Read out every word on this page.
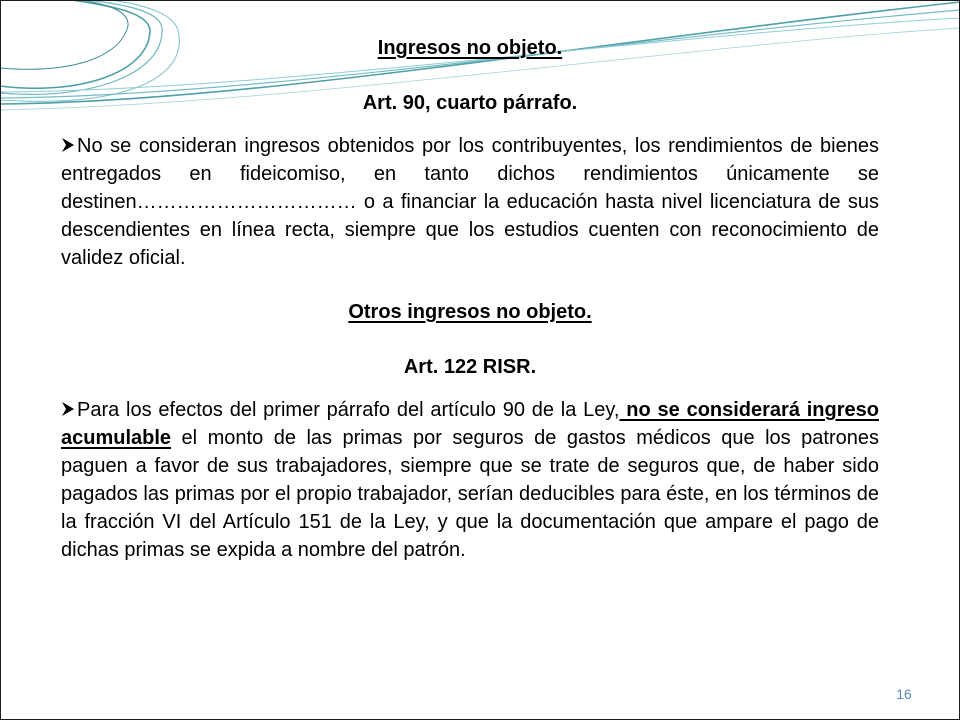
Ingresos no objeto.

Art. 90, cuarto párrafo.

No se consideran ingresos obtenidos por los contribuyentes, los rendimientos de bienes entregados en fideicomiso, en tanto dichos rendimientos únicamente se destinen…………………………… o a financiar la educación hasta nivel licenciatura de sus descendientes en línea recta, siempre que los estudios cuenten con reconocimiento de validez oficial.

Otros ingresos no objeto.

Art. 122 RISR.

Para los efectos del primer párrafo del artículo 90 de la Ley, no se considerará ingreso acumulable el monto de las primas por seguros de gastos médicos que los patrones paguen a favor de sus trabajadores, siempre que se trate de seguros que, de haber sido pagados las primas por el propio trabajador, serían deducibles para éste, en los términos de la fracción VI del Artículo 151 de la Ley, y que la documentación que ampare el pago de dichas primas se expida a nombre del patrón.

16
